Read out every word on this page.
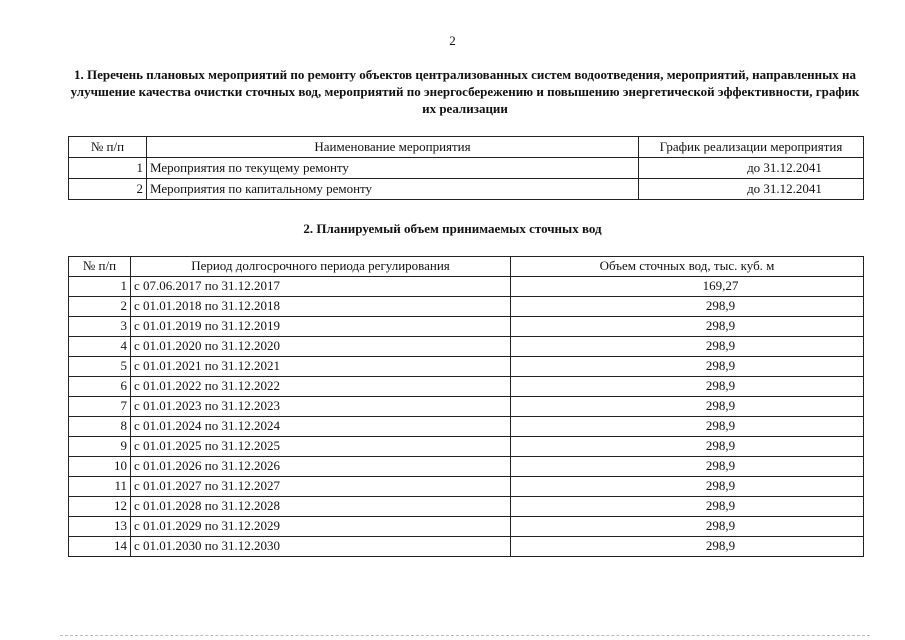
2
1. Перечень плановых мероприятий по ремонту объектов централизованных систем водоотведения, мероприятий, направленных на улучшение качества очистки сточных вод, мероприятий по энергосбережению и повышению энергетической эффективности, график их реализации
№ п/п	Наименование мероприятия	График реализации мероприятия
1	Мероприятия по текущему ремонту	до 31.12.2041
2	Мероприятия по капитальному ремонту	до 31.12.2041
2. Планируемый объем принимаемых сточных вод
№ п/п	Период долгосрочного периода регулирования	Объем сточных вод, тыс. куб. м
1	с 07.06.2017 по 31.12.2017	169,27
2	с 01.01.2018 по 31.12.2018	298,9
3	с 01.01.2019 по 31.12.2019	298,9
4	с 01.01.2020 по 31.12.2020	298,9
5	с 01.01.2021 по 31.12.2021	298,9
6	с 01.01.2022 по 31.12.2022	298,9
7	с 01.01.2023 по 31.12.2023	298,9
8	с 01.01.2024 по 31.12.2024	298,9
9	с 01.01.2025 по 31.12.2025	298,9
10	с 01.01.2026 по 31.12.2026	298,9
11	с 01.01.2027 по 31.12.2027	298,9
12	с 01.01.2028 по 31.12.2028	298,9
13	с 01.01.2029 по 31.12.2029	298,9
14	с 01.01.2030 по 31.12.2030	298,9
